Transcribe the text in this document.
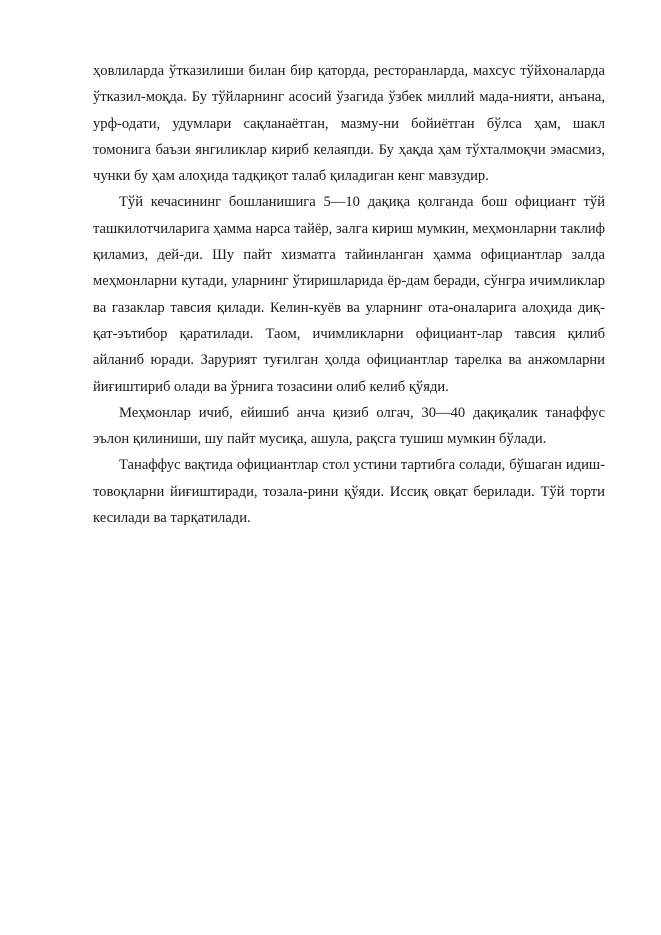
ҳовлиларда ўтказилиши билан бир қаторда, ресторанларда, махсус тўйхоналарда ўтказил-моқда. Бу тўйларнинг асосий ўзагида ўзбек миллий мада-нияти, анъана, урф-одати, удумлари сақланаётган, мазму-ни бойиётган бўлса ҳам, шакл томонига баъзи янгиликлар кириб келаяпди. Бу ҳақда ҳам тўхталмоқчи эмасмиз, чунки бу ҳам алоҳида тадқиқот талаб қиладиган кенг мавзудир.

Тўй кечасининг бошланишига 5—10 дақиқа қолганда бош официант тўй ташкилотчиларига ҳамма нарса тайёр, залга кириш мумкин, меҳмонларни таклиф қиламиз, дей-ди. Шу пайт хизматга тайинланган ҳамма официантлар залда меҳмонларни кутади, уларнинг ўтиришларида ёр-дам беради, сўнгра ичимликлар ва газаклар тавсия қилади. Келин-куёв ва уларнинг ота-оналарига алоҳида диқ-қат-эътибор қаратилади. Таом, ичимликларни официант-лар тавсия қилиб айланиб юради. Зарурият туғилган ҳолда официантлар тарелка ва анжомларни йиғиштириб олади ва ўрнига тозасини олиб келиб қўяди.

Меҳмонлар ичиб, ейишиб анча қизиб олгач, 30—40 дақиқалик танаффус эълон қилиниши, шу пайт мусиқа, ашула, рақсга тушиш мумкин бўлади.

Танаффус вақтида официантлар стол устини тартибга солади, бўшаган идиш-товоқларни йиғиштиради, тозала-рини қўяди. Иссиқ овқат берилади. Тўй торти кесилади ва тарқатилади.
